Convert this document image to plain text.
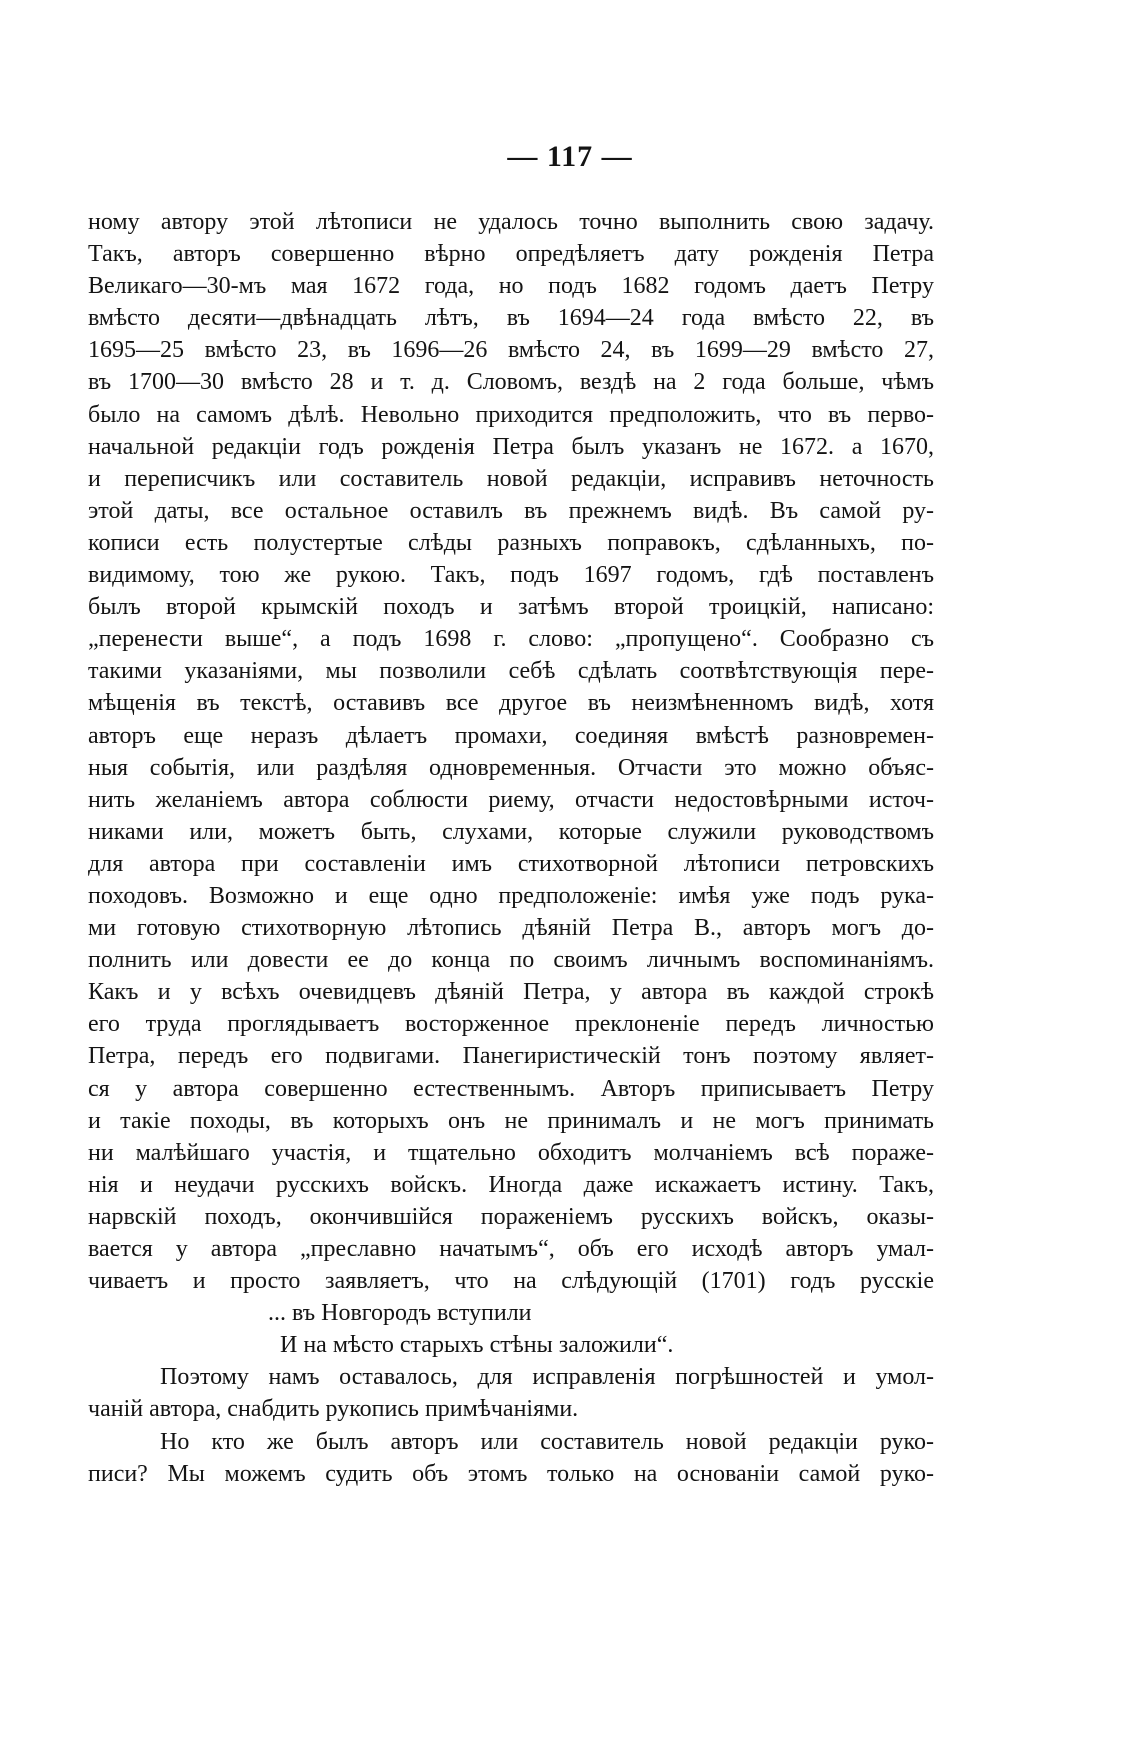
— 117 —
ному автору этой лѣтописи не удалось точно выполнить свою задачу.
Такъ, авторъ совершенно вѣрно опредѣляетъ дату рожденія Петра
Великаго—30-мъ мая 1672 года, но подъ 1682 годомъ даетъ Петру
вмѣсто десяти—двѣнадцать лѣтъ, въ 1694—24 года вмѣсто 22, въ
1695—25 вмѣсто 23, въ 1696—26 вмѣсто 24, въ 1699—29 вмѣсто 27,
въ 1700—30 вмѣсто 28 и т. д. Словомъ, вездѣ на 2 года больше, чѣмъ
было на самомъ дѣлѣ. Невольно приходится предположить, что въ перво-
начальной редакціи годъ рожденія Петра былъ указанъ не 1672. а 1670,
и переписчикъ или составитель новой редакціи, исправивъ неточность
этой даты, все остальное оставилъ въ прежнемъ видѣ. Въ самой ру-
кописи есть полустертые слѣды разныхъ поправокъ, сдѣланныхъ, по-
видимому, тою же рукою. Такъ, подъ 1697 годомъ, гдѣ поставленъ
былъ второй крымскій походъ и затѣмъ второй троицкій, написано:
„перенести выше“, а подъ 1698 г. слово: „пропущено“. Сообразно съ
такими указаніями, мы позволили себѣ сдѣлать соотвѣтствующія пере-
мѣщенія въ текстѣ, оставивъ все другое въ неизмѣненномъ видѣ, хотя
авторъ еще неразъ дѣлаетъ промахи, соединяя вмѣстѣ разновремен-
ныя событія, или раздѣляя одновременныя. Отчасти это можно объяс-
нить желаніемъ автора соблюсти риему, отчасти недостовѣрными источ-
никами или, можетъ быть, слухами, которые служили руководствомъ
для автора при составленіи имъ стихотворной лѣтописи петровскихъ
походовъ. Возможно и еще одно предположеніе: имѣя уже подъ рука-
ми готовую стихотворную лѣтопись дѣяній Петра В., авторъ могъ до-
полнить или довести ее до конца по своимъ личнымъ воспоминаніямъ.
Какъ и у всѣхъ очевидцевъ дѣяній Петра, у автора въ каждой строкѣ
его труда проглядываетъ восторженное преклоненіе передъ личностью
Петра, передъ его подвигами. Панегиристическій тонъ поэтому являет-
ся у автора совершенно естественнымъ. Авторъ приписываетъ Петру
и такіе походы, въ которыхъ онъ не принималъ и не могъ принимать
ни малѣйшаго участія, и тщательно обходитъ молчаніемъ всѣ пораже-
нія и неудачи русскихъ войскъ. Иногда даже искажаетъ истину. Такъ,
нарвскій походъ, окончившійся пораженіемъ русскихъ войскъ, оказы-
вается у автора „преславно начатымъ“, объ его исходѣ авторъ умал-
чиваетъ и просто заявляетъ, что на слѣдующій (1701) годъ русскіе
... въ Новгородъ вступили
И на мѣсто старыхъ стѣны заложили“.
Поэтому намъ оставалось, для исправленія погрѣшностей и умол-
чаній автора, снабдить рукопись примѣчаніями.
Но кто же былъ авторъ или составитель новой редакціи руко-
писи? Мы можемъ судить объ этомъ только на основаніи самой руко-
